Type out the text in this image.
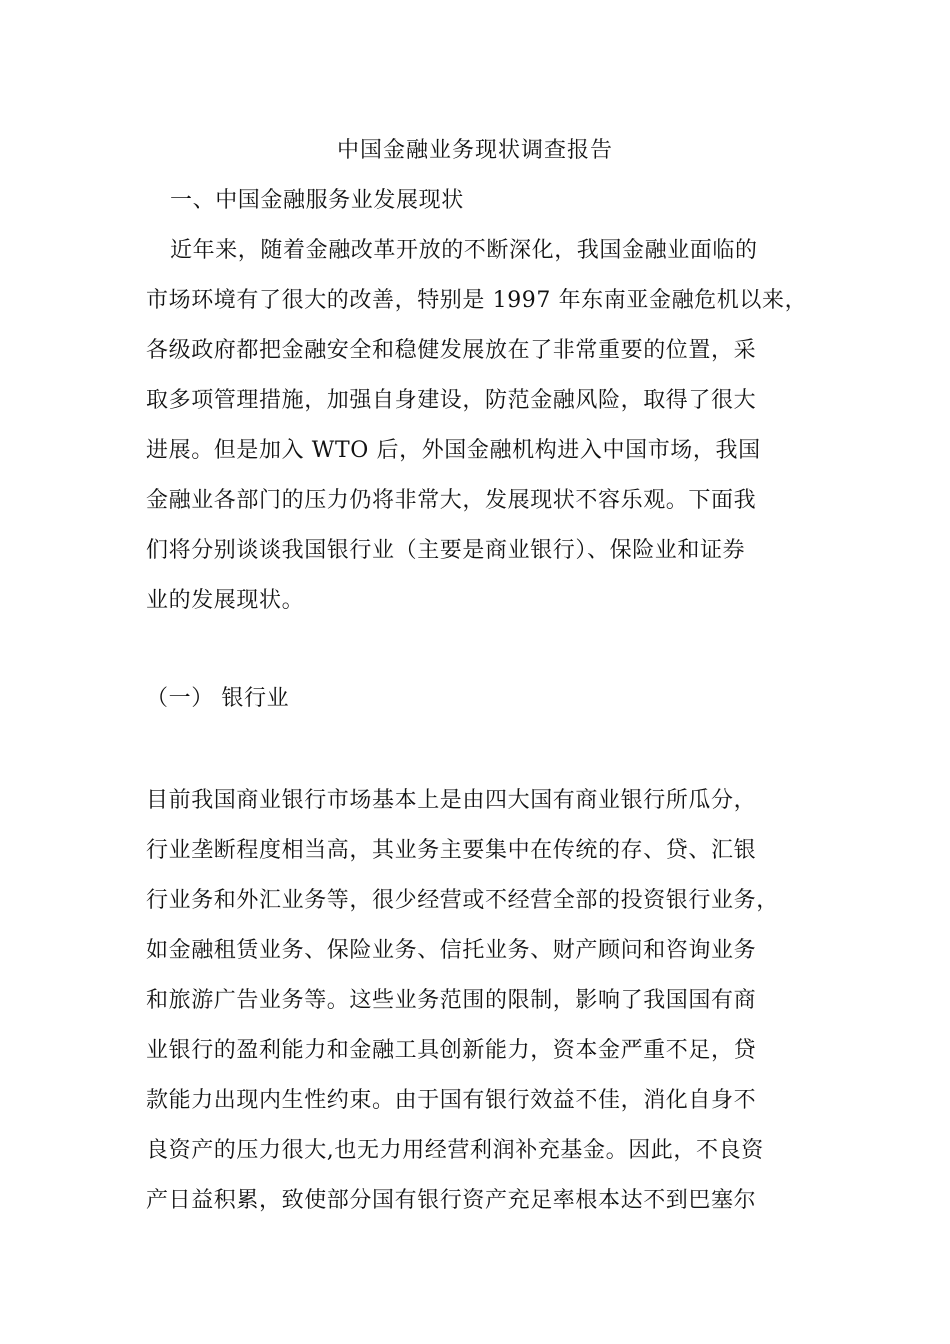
中国金融业务现状调查报告
一、中国金融服务业发展现状
近年来，随着金融改革开放的不断深化，我国金融业面临的
市场环境有了很大的改善，特别是 1997 年东南亚金融危机以来，
各级政府都把金融安全和稳健发展放在了非常重要的位置，采
取多项管理措施，加强自身建设，防范金融风险，取得了很大
进展。但是加入 WTO 后，外国金融机构进入中国市场，我国
金融业各部门的压力仍将非常大，发展现状不容乐观。下面我
们将分别谈谈我国银行业（主要是商业银行）、保险业和证券
业的发展现状。
（一） 银行业
目前我国商业银行市场基本上是由四大国有商业银行所瓜分，
行业垄断程度相当高，其业务主要集中在传统的存、贷、汇银
行业务和外汇业务等，很少经营或不经营全部的投资银行业务，
如金融租赁业务、保险业务、信托业务、财产顾问和咨询业务
和旅游广告业务等。这些业务范围的限制，影响了我国国有商
业银行的盈利能力和金融工具创新能力，资本金严重不足，贷
款能力出现内生性约束。由于国有银行效益不佳，消化自身不
良资产的压力很大,也无力用经营利润补充基金。因此，不良资
产日益积累，致使部分国有银行资产充足率根本达不到巴塞尔
